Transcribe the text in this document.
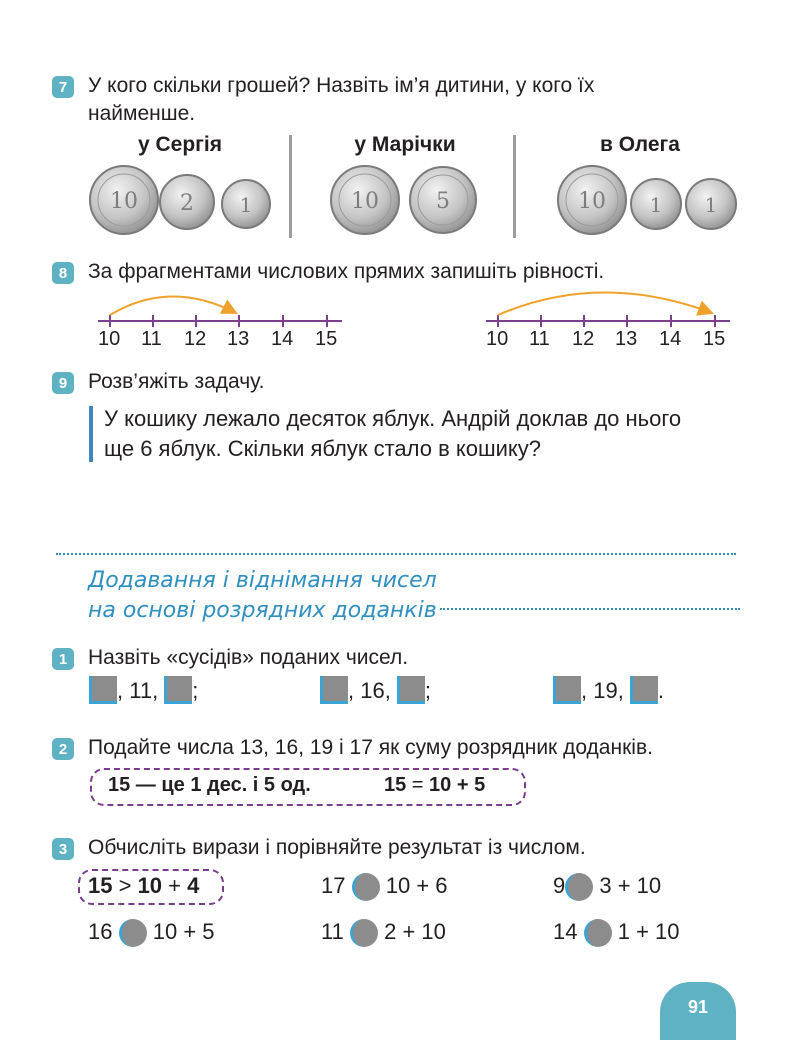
7 У кого скільки грошей? Назвіть ім’я дитини, у кого їх
найменше.
у Сергія	у Марічки	в Олега
10 2 1	10	5	10 1 1
8 За фрагментами числових прямих запишіть рівності.
10 11 12 13 14 15	10 11 12 13 14 15
9 Розв’яжіть задачу.
У кошику лежало десяток яблук. Андрій доклав до нього
ще 6 яблук. Скільки яблук стало в кошику?
Додавання і віднімання чисел
на основі розрядних доданків
1 Назвіть «сусідів» поданих чисел.
, 11, ;	, 16, ;	, 19, .
2 Подайте числа 13, 16, 19 і 17 як суму розрядник доданків.
15 — це 1 дес. і 5 од.	15 = 10 + 5
3 Обчисліть вирази і порівняйте результат із числом.
15 > 10 + 4	17 10 + 6	9 3 + 10
16 10 + 5	11 2 + 10	14 1 + 10
91
